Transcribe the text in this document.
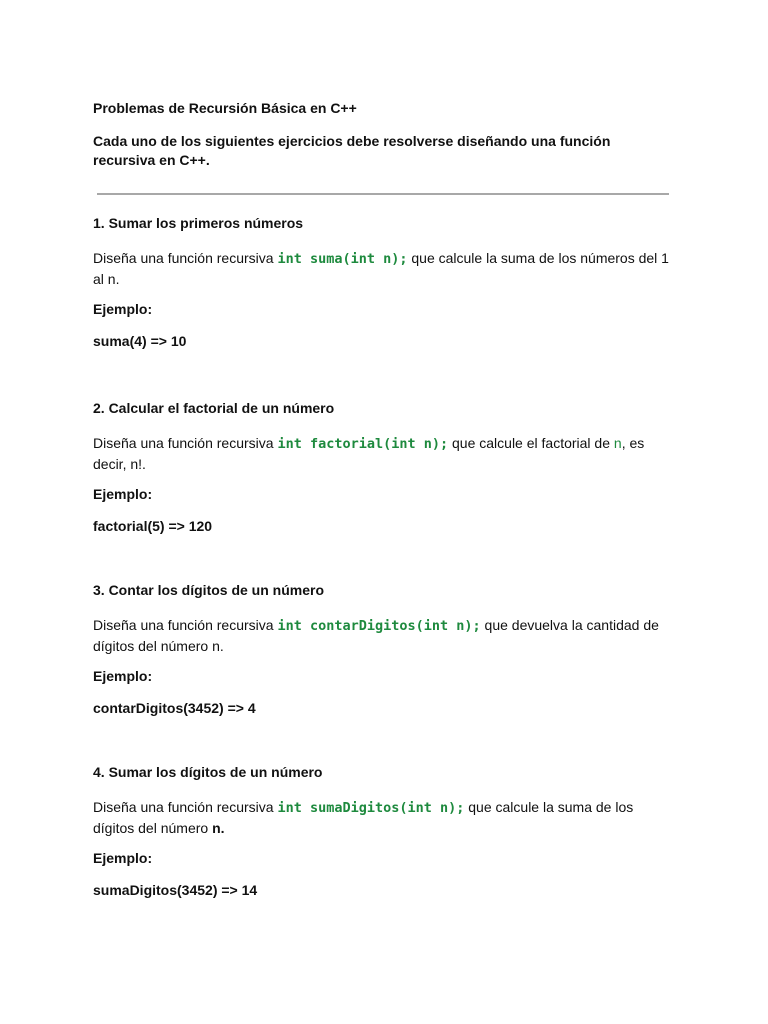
Problemas de Recursión Básica en C++

Cada uno de los siguientes ejercicios debe resolverse diseñando una función recursiva en C++.

1. Sumar los primeros números

Diseña una función recursiva int suma(int n); que calcule la suma de los números del 1 al n.

Ejemplo:

suma(4) => 10

2. Calcular el factorial de un número

Diseña una función recursiva int factorial(int n); que calcule el factorial de n, es decir, n!.

Ejemplo:

factorial(5) => 120

3. Contar los dígitos de un número

Diseña una función recursiva int contarDigitos(int n); que devuelva la cantidad de dígitos del número n.

Ejemplo:

contarDigitos(3452) => 4

4. Sumar los dígitos de un número

Diseña una función recursiva int sumaDigitos(int n); que calcule la suma de los dígitos del número n.

Ejemplo:

sumaDigitos(3452) => 14
